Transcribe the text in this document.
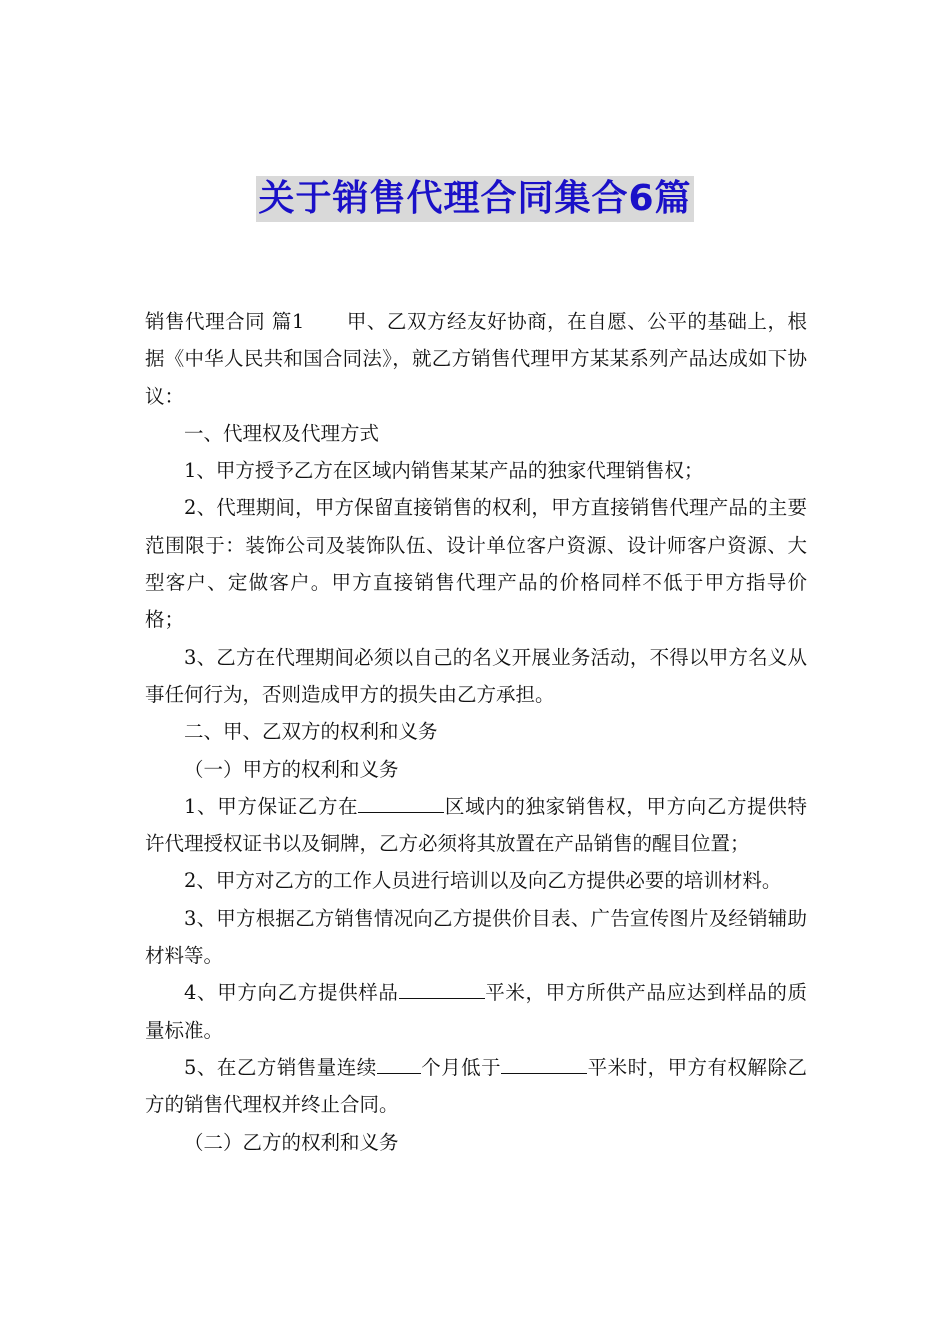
关于销售代理合同集合6篇

销售代理合同 篇1 甲、乙双方经友好协商，在自愿、公平的基础上，根据《中华人民共和国合同法》，就乙方销售代理甲方某某系列产品达成如下协议：

一、代理权及代理方式

1、甲方授予乙方在区域内销售某某产品的独家代理销售权；

2、代理期间，甲方保留直接销售的权利，甲方直接销售代理产品的主要范围限于：装饰公司及装饰队伍、设计单位客户资源、设计师客户资源、大型客户、定做客户。甲方直接销售代理产品的价格同样不低于甲方指导价格；

3、乙方在代理期间必须以自己的名义开展业务活动，不得以甲方名义从事任何行为，否则造成甲方的损失由乙方承担。

二、甲、乙双方的权利和义务

（一）甲方的权利和义务

1、甲方保证乙方在	区域内的独家销售权，甲方向乙方提供特许代理授权证书以及铜牌，乙方必须将其放置在产品销售的醒目位置；

2、甲方对乙方的工作人员进行培训以及向乙方提供必要的培训材料。

3、甲方根据乙方销售情况向乙方提供价目表、广告宣传图片及经销辅助材料等。

4、甲方向乙方提供样品	平米，甲方所供产品应达到样品的质量标准。

5、在乙方销售量连续 个月低于	平米时，甲方有权解除乙方的销售代理权并终止合同。

（二）乙方的权利和义务
